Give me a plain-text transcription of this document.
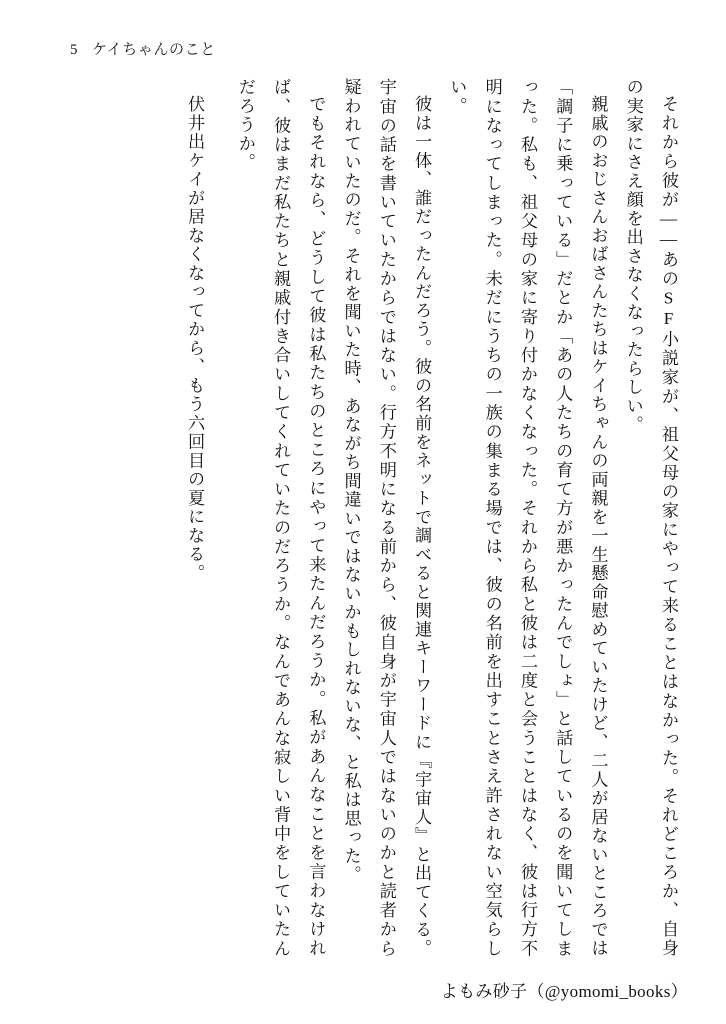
5 ケイちゃんのこと

それから彼が——あのSF小説家が、祖父母の家にやって来ることはなかった。それどころか、自身の実家にさえ顔を出さなくなったらしい。

親戚のおじさんおばさんたちはケイちゃんの両親を一生懸命慰めていたけど、二人が居ないところでは「調子に乗っている」だとか「あの人たちの育て方が悪かったんでしょ」と話しているのを聞いてしまった。私も、祖父母の家に寄り付かなくなった。それから私と彼は二度と会うことはなく、彼は行方不明になってしまった。未だにうちの一族の集まる場では、彼の名前を出すことさえ許されない空気らしい。

彼は一体、誰だったんだろう。彼の名前をネットで調べると関連キーワードに『宇宙人』と出てくる。宇宙の話を書いていたからではない。行方不明になる前から、彼自身が宇宙人ではないのかと読者から疑われていたのだ。それを聞いた時、あながち間違いではないかもしれないな、と私は思った。

でもそれなら、どうして彼は私たちのところにやって来たんだろうか。私があんなことを言わなければ、彼はまだ私たちと親戚付き合いしてくれていたのだろうか。なんであんな寂しい背中をしていたんだろうか。

伏井出ケイが居なくなってから、もう六回目の夏になる。

よもみ砂子（@yomomi_books）
